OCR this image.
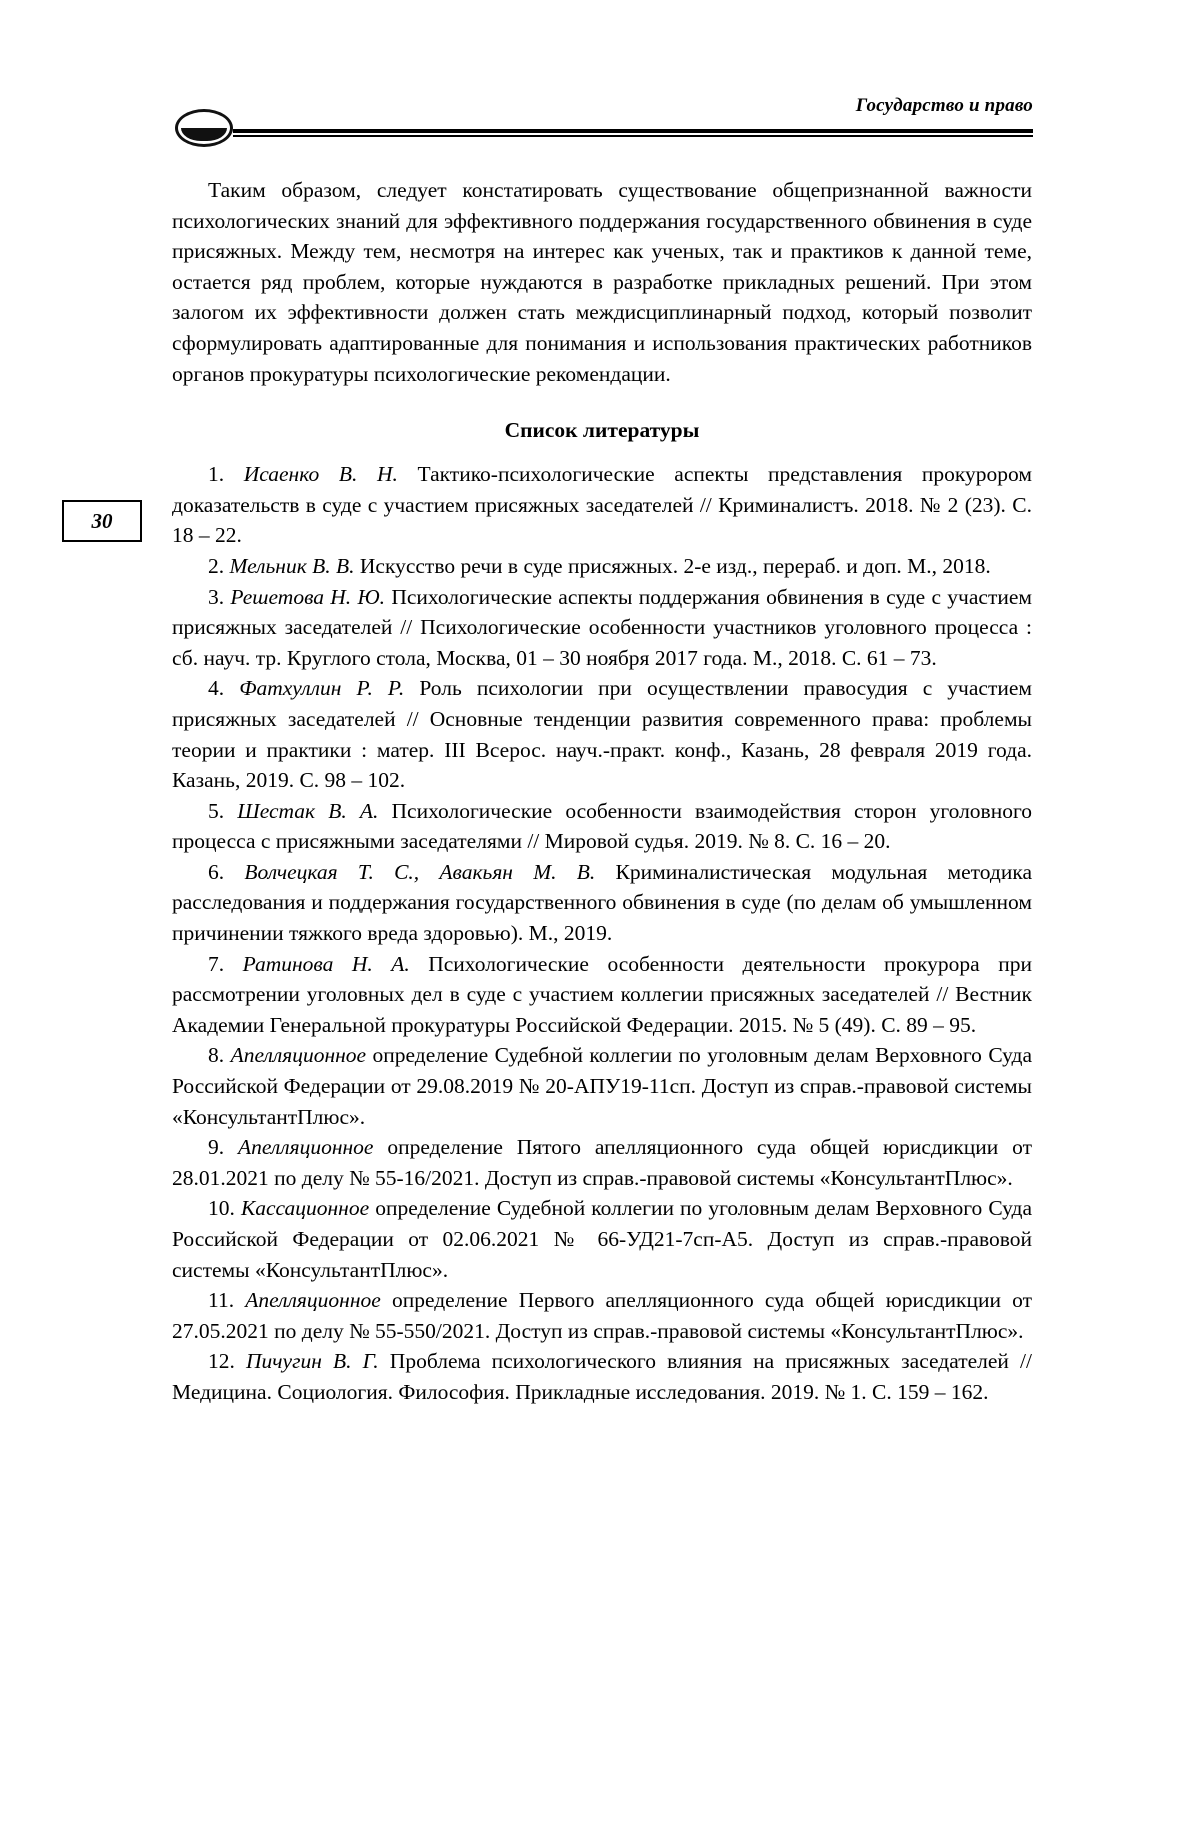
Государство и право
30

Таким образом, следует констатировать существование общепризнанной важности психологических знаний для эффективного поддержания государственного обвинения в суде присяжных. Между тем, несмотря на интерес как ученых, так и практиков к данной теме, остается ряд проблем, которые нуждаются в разработке прикладных решений. При этом залогом их эффективности должен стать междисциплинарный подход, который позволит сформулировать адаптированные для понимания и использования практических работников органов прокуратуры психологические рекомендации.

Список литературы

1. Исаенко В. Н. Тактико-психологические аспекты представления прокурором доказательств в суде с участием присяжных заседателей // Криминалистъ. 2018. № 2 (23). С. 18 – 22.

2. Мельник В. В. Искусство речи в суде присяжных. 2-е изд., перераб. и доп. М., 2018.

3. Решетова Н. Ю. Психологические аспекты поддержания обвинения в суде с участием присяжных заседателей // Психологические особенности участников уголовного процесса : сб. науч. тр. Круглого стола, Москва, 01 – 30 ноября 2017 года. М., 2018. С. 61 – 73.

4. Фатхуллин Р. Р. Роль психологии при осуществлении правосудия с участием присяжных заседателей // Основные тенденции развития современного права: проблемы теории и практики : матер. III Всерос. науч.-практ. конф., Казань, 28 февраля 2019 года. Казань, 2019. С. 98 – 102.

5. Шестак В. А. Психологические особенности взаимодействия сторон уголовного процесса с присяжными заседателями // Мировой судья. 2019. № 8. С. 16 – 20.

6. Волчецкая Т. С., Авакьян М. В. Криминалистическая модульная методика расследования и поддержания государственного обвинения в суде (по делам об умышленном причинении тяжкого вреда здоровью). М., 2019.

7. Ратинова Н. А. Психологические особенности деятельности прокурора при рассмотрении уголовных дел в суде с участием коллегии присяжных заседателей // Вестник Академии Генеральной прокуратуры Российской Федерации. 2015. № 5 (49). С. 89 – 95.

8. Апелляционное определение Судебной коллегии по уголовным делам Верховного Суда Российской Федерации от 29.08.2019 № 20-АПУ19-11сп. Доступ из справ.-правовой системы «КонсультантПлюс».

9. Апелляционное определение Пятого апелляционного суда общей юрисдикции от 28.01.2021 по делу № 55-16/2021. Доступ из справ.-правовой системы «КонсультантПлюс».

10. Кассационное определение Судебной коллегии по уголовным делам Верховного Суда Российской Федерации от 02.06.2021 № 66-УД21-7сп-А5. Доступ из справ.-правовой системы «КонсультантПлюс».

11. Апелляционное определение Первого апелляционного суда общей юрисдикции от 27.05.2021 по делу № 55-550/2021. Доступ из справ.-правовой системы «КонсультантПлюс».

12. Пичугин В. Г. Проблема психологического влияния на присяжных заседателей // Медицина. Социология. Философия. Прикладные исследования. 2019. № 1. С. 159 – 162.
